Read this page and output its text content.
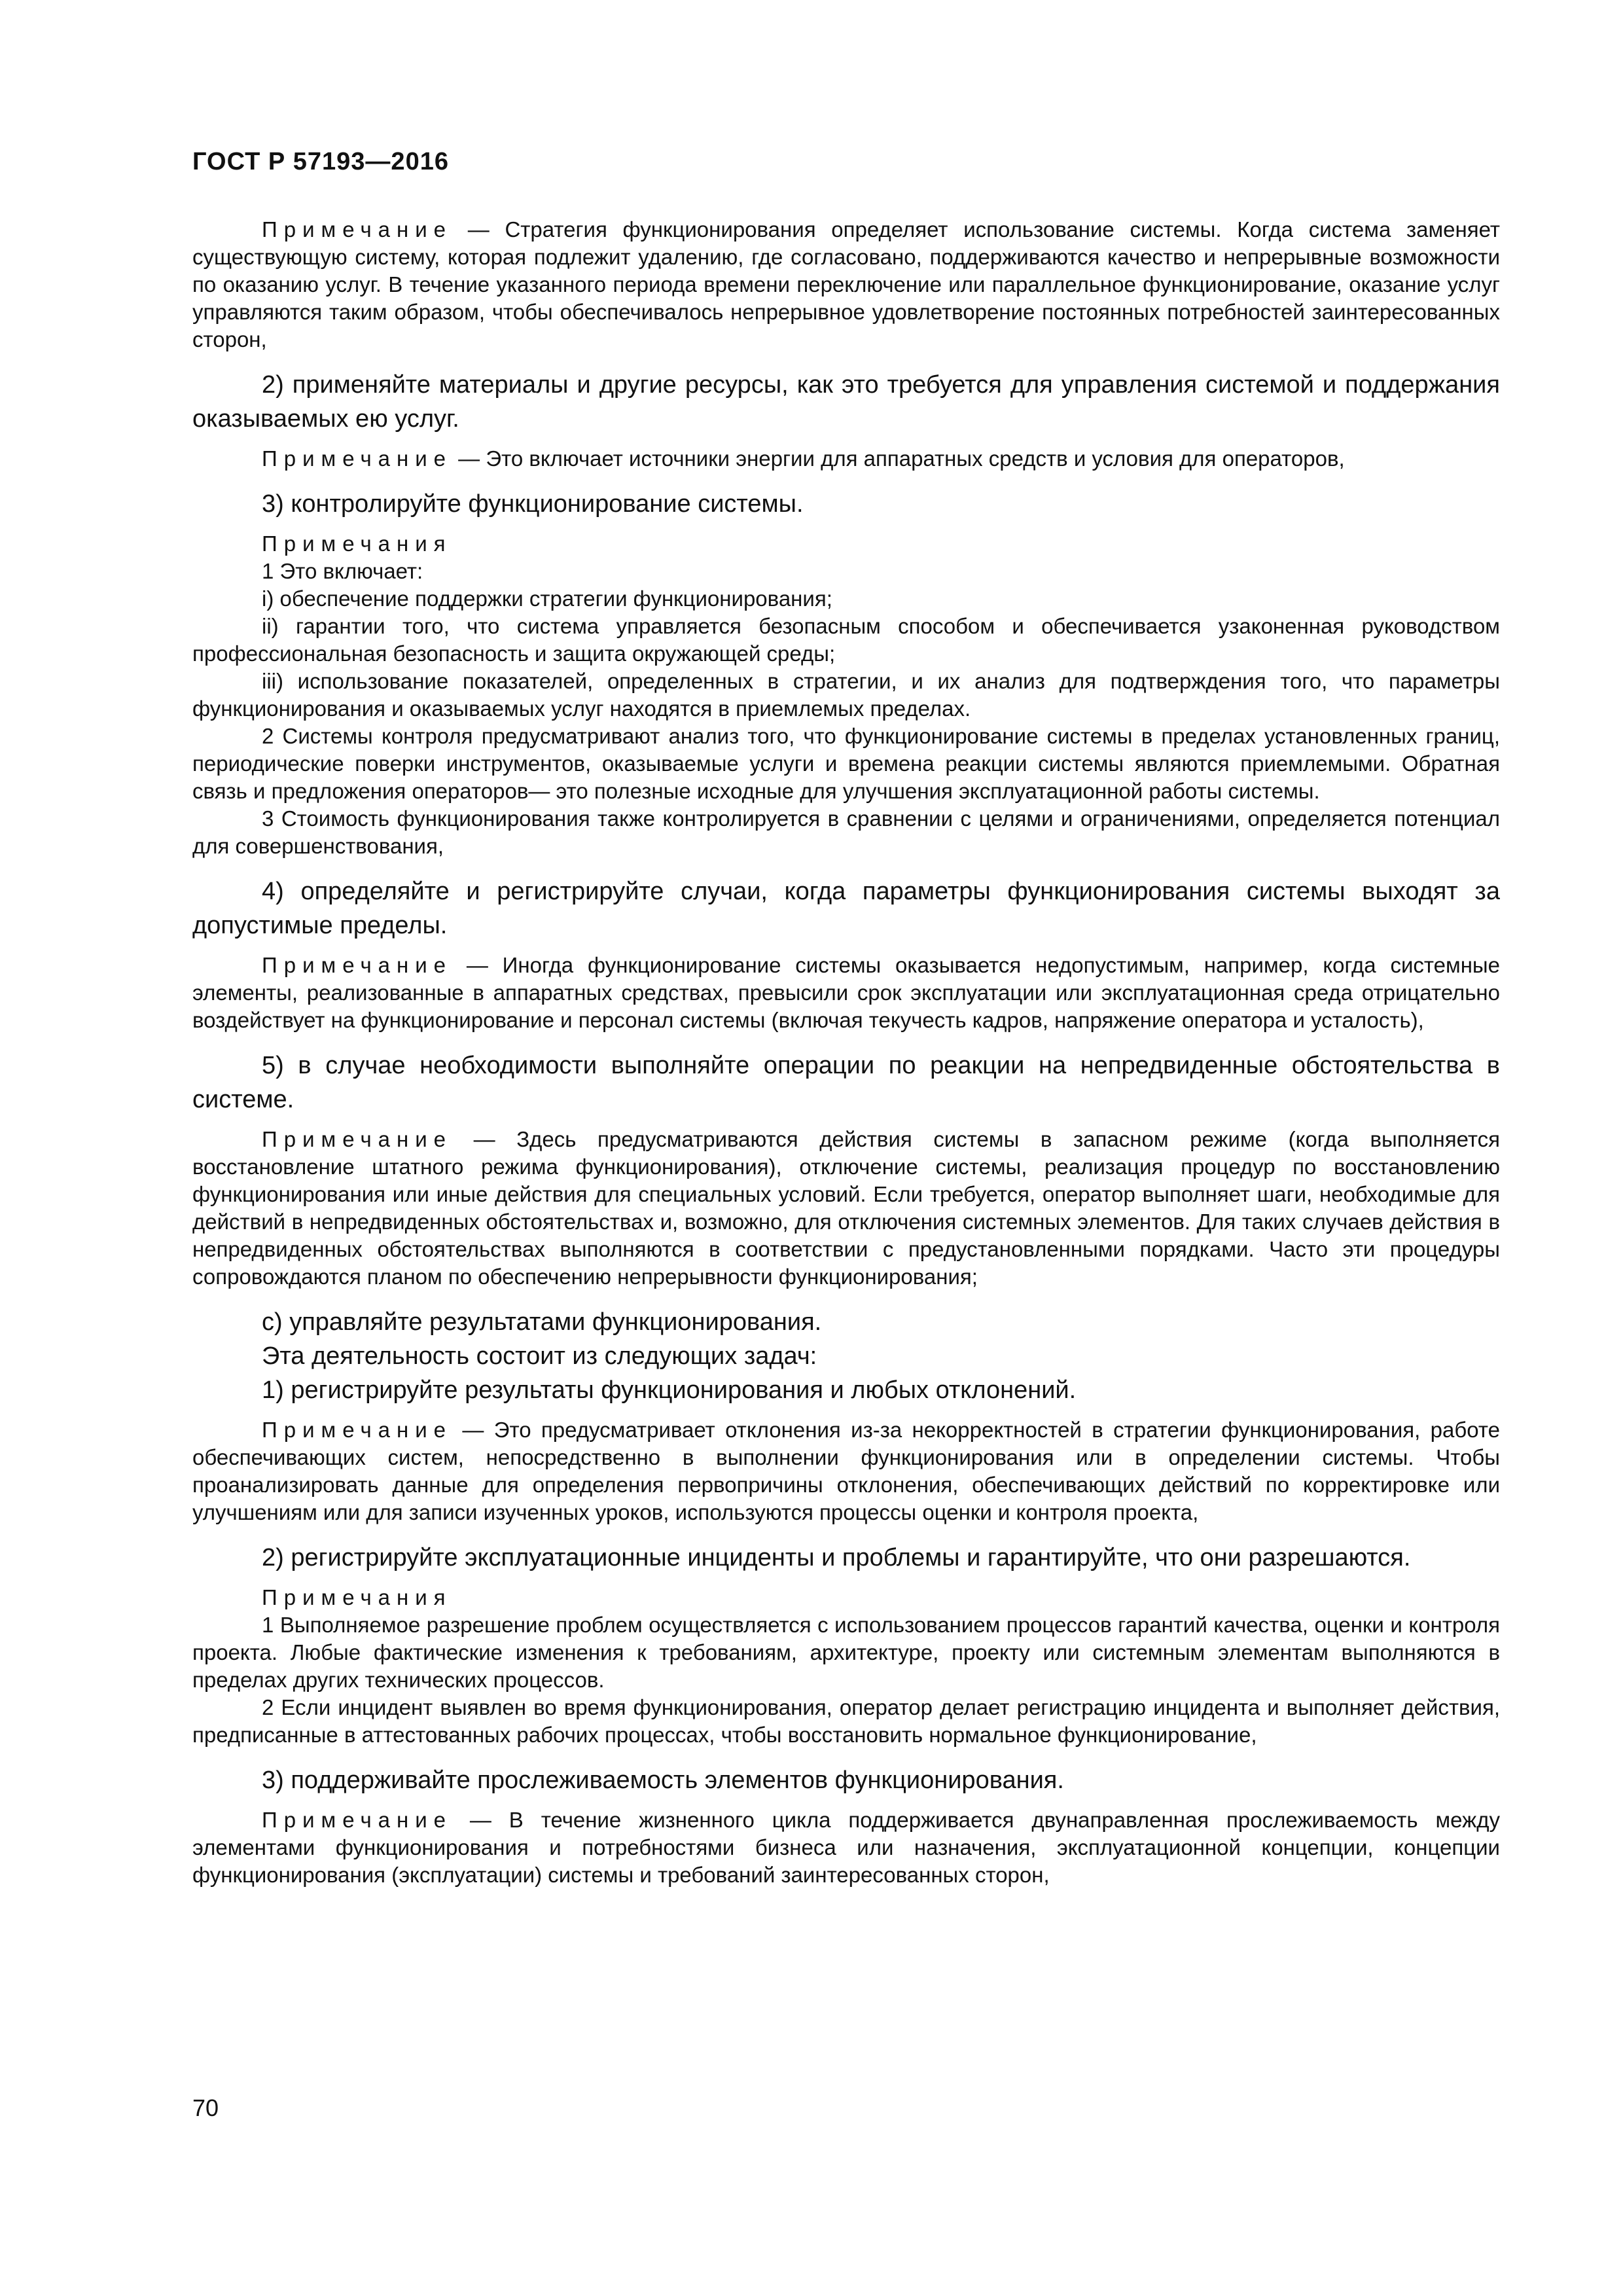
ГОСТ Р 57193—2016

Примечание — Стратегия функционирования определяет использование системы. Когда система заменяет существующую систему, которая подлежит удалению, где согласовано, поддерживаются качество и непрерывные возможности по оказанию услуг. В течение указанного периода времени переключение или параллельное функционирование, оказание услуг управляются таким образом, чтобы обеспечивалось непрерывное удовлетворение постоянных потребностей заинтересованных сторон,

2) применяйте материалы и другие ресурсы, как это требуется для управления системой и поддержания оказываемых ею услуг.

Примечание — Это включает источники энергии для аппаратных средств и условия для операторов,

3) контролируйте функционирование системы.

Примечания

1 Это включает:

i) обеспечение поддержки стратегии функционирования;

ii) гарантии того, что система управляется безопасным способом и обеспечивается узаконенная руководством профессиональная безопасность и защита окружающей среды;

iii) использование показателей, определенных в стратегии, и их анализ для подтверждения того, что параметры функционирования и оказываемых услуг находятся в приемлемых пределах.

2 Системы контроля предусматривают анализ того, что функционирование системы в пределах установленных границ, периодические поверки инструментов, оказываемые услуги и времена реакции системы являются приемлемыми. Обратная связь и предложения операторов— это полезные исходные для улучшения эксплуатационной работы системы.

3 Стоимость функционирования также контролируется в сравнении с целями и ограничениями, определяется потенциал для совершенствования,

4) определяйте и регистрируйте случаи, когда параметры функционирования системы выходят за допустимые пределы.

Примечание — Иногда функционирование системы оказывается недопустимым, например, когда системные элементы, реализованные в аппаратных средствах, превысили срок эксплуатации или эксплуатационная среда отрицательно воздействует на функционирование и персонал системы (включая текучесть кадров, напряжение оператора и усталость),

5) в случае необходимости выполняйте операции по реакции на непредвиденные обстоятельства в системе.

Примечание — Здесь предусматриваются действия системы в запасном режиме (когда выполняется восстановление штатного режима функционирования), отключение системы, реализация процедур по восстановлению функционирования или иные действия для специальных условий. Если требуется, оператор выполняет шаги, необходимые для действий в непредвиденных обстоятельствах и, возможно, для отключения системных элементов. Для таких случаев действия в непредвиденных обстоятельствах выполняются в соответствии с предустановленными порядками. Часто эти процедуры сопровождаются планом по обеспечению непрерывности функционирования;

c) управляйте результатами функционирования.

Эта деятельность состоит из следующих задач:

1) регистрируйте результаты функционирования и любых отклонений.

Примечание — Это предусматривает отклонения из-за некорректностей в стратегии функционирования, работе обеспечивающих систем, непосредственно в выполнении функционирования или в определении системы. Чтобы проанализировать данные для определения первопричины отклонения, обеспечивающих действий по корректировке или улучшениям или для записи изученных уроков, используются процессы оценки и контроля проекта,

2) регистрируйте эксплуатационные инциденты и проблемы и гарантируйте, что они разрешаются.

Примечания

1 Выполняемое разрешение проблем осуществляется с использованием процессов гарантий качества, оценки и контроля проекта. Любые фактические изменения к требованиям, архитектуре, проекту или системным элементам выполняются в пределах других технических процессов.

2 Если инцидент выявлен во время функционирования, оператор делает регистрацию инцидента и выполняет действия, предписанные в аттестованных рабочих процессах, чтобы восстановить нормальное функционирование,

3) поддерживайте прослеживаемость элементов функционирования.

Примечание — В течение жизненного цикла поддерживается двунаправленная прослеживаемость между элементами функционирования и потребностями бизнеса или назначения, эксплуатационной концепции, концепции функционирования (эксплуатации) системы и требований заинтересованных сторон,

70
